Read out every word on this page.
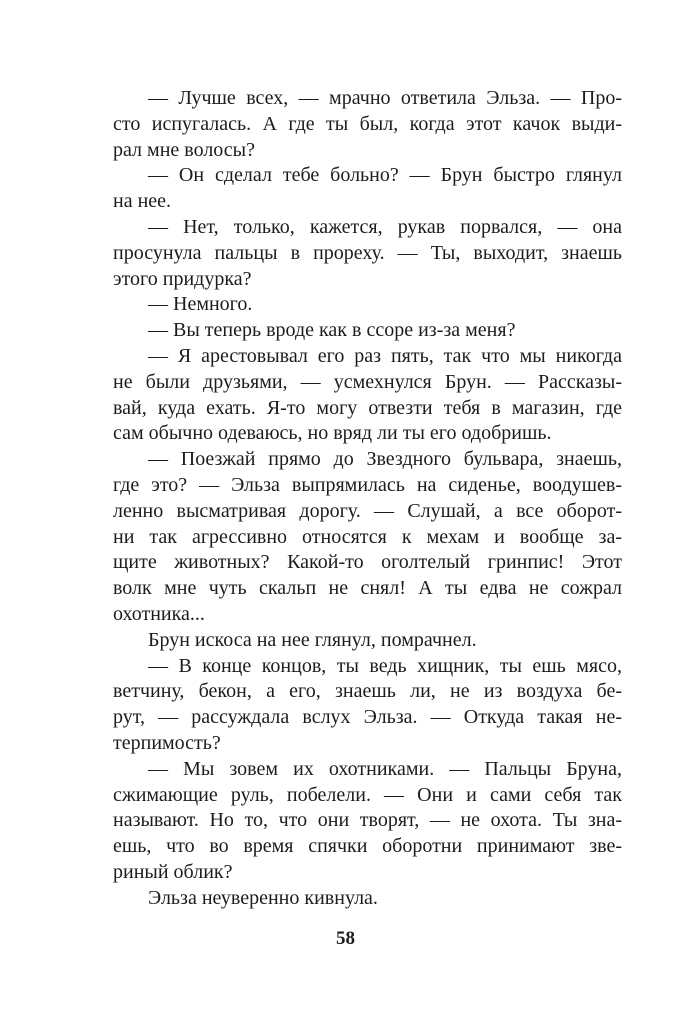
— Лучше всех, — мрачно ответила Эльза. — Про-
сто испугалась. А где ты был, когда этот качок выди-
рал мне волосы?

— Он сделал тебе больно? — Брун быстро глянул
на нее.

— Нет, только, кажется, рукав порвался, — она
просунула пальцы в прореху. — Ты, выходит, знаешь
этого придурка?

— Немного.

— Вы теперь вроде как в ссоре из-за меня?

— Я арестовывал его раз пять, так что мы никогда
не были друзьями, — усмехнулся Брун. — Рассказы-
вай, куда ехать. Я-то могу отвезти тебя в магазин, где
сам обычно одеваюсь, но вряд ли ты его одобришь.

— Поезжай прямо до Звездного бульвара, знаешь,
где это? — Эльза выпрямилась на сиденье, воодушев-
ленно высматривая дорогу. — Слушай, а все оборот-
ни так агрессивно относятся к мехам и вообще за-
щите животных? Какой-то оголтелый гринпис! Этот
волк мне чуть скальп не снял! А ты едва не сожрал
охотника...

Брун искоса на нее глянул, помрачнел.

— В конце концов, ты ведь хищник, ты ешь мясо,
ветчину, бекон, а его, знаешь ли, не из воздуха бе-
рут, — рассуждала вслух Эльза. — Откуда такая не-
терпимость?

— Мы зовем их охотниками. — Пальцы Бруна,
сжимающие руль, побелели. — Они и сами себя так
называют. Но то, что они творят, — не охота. Ты зна-
ешь, что во время спячки оборотни принимают зве-
риный облик?

Эльза неуверенно кивнула.

58
